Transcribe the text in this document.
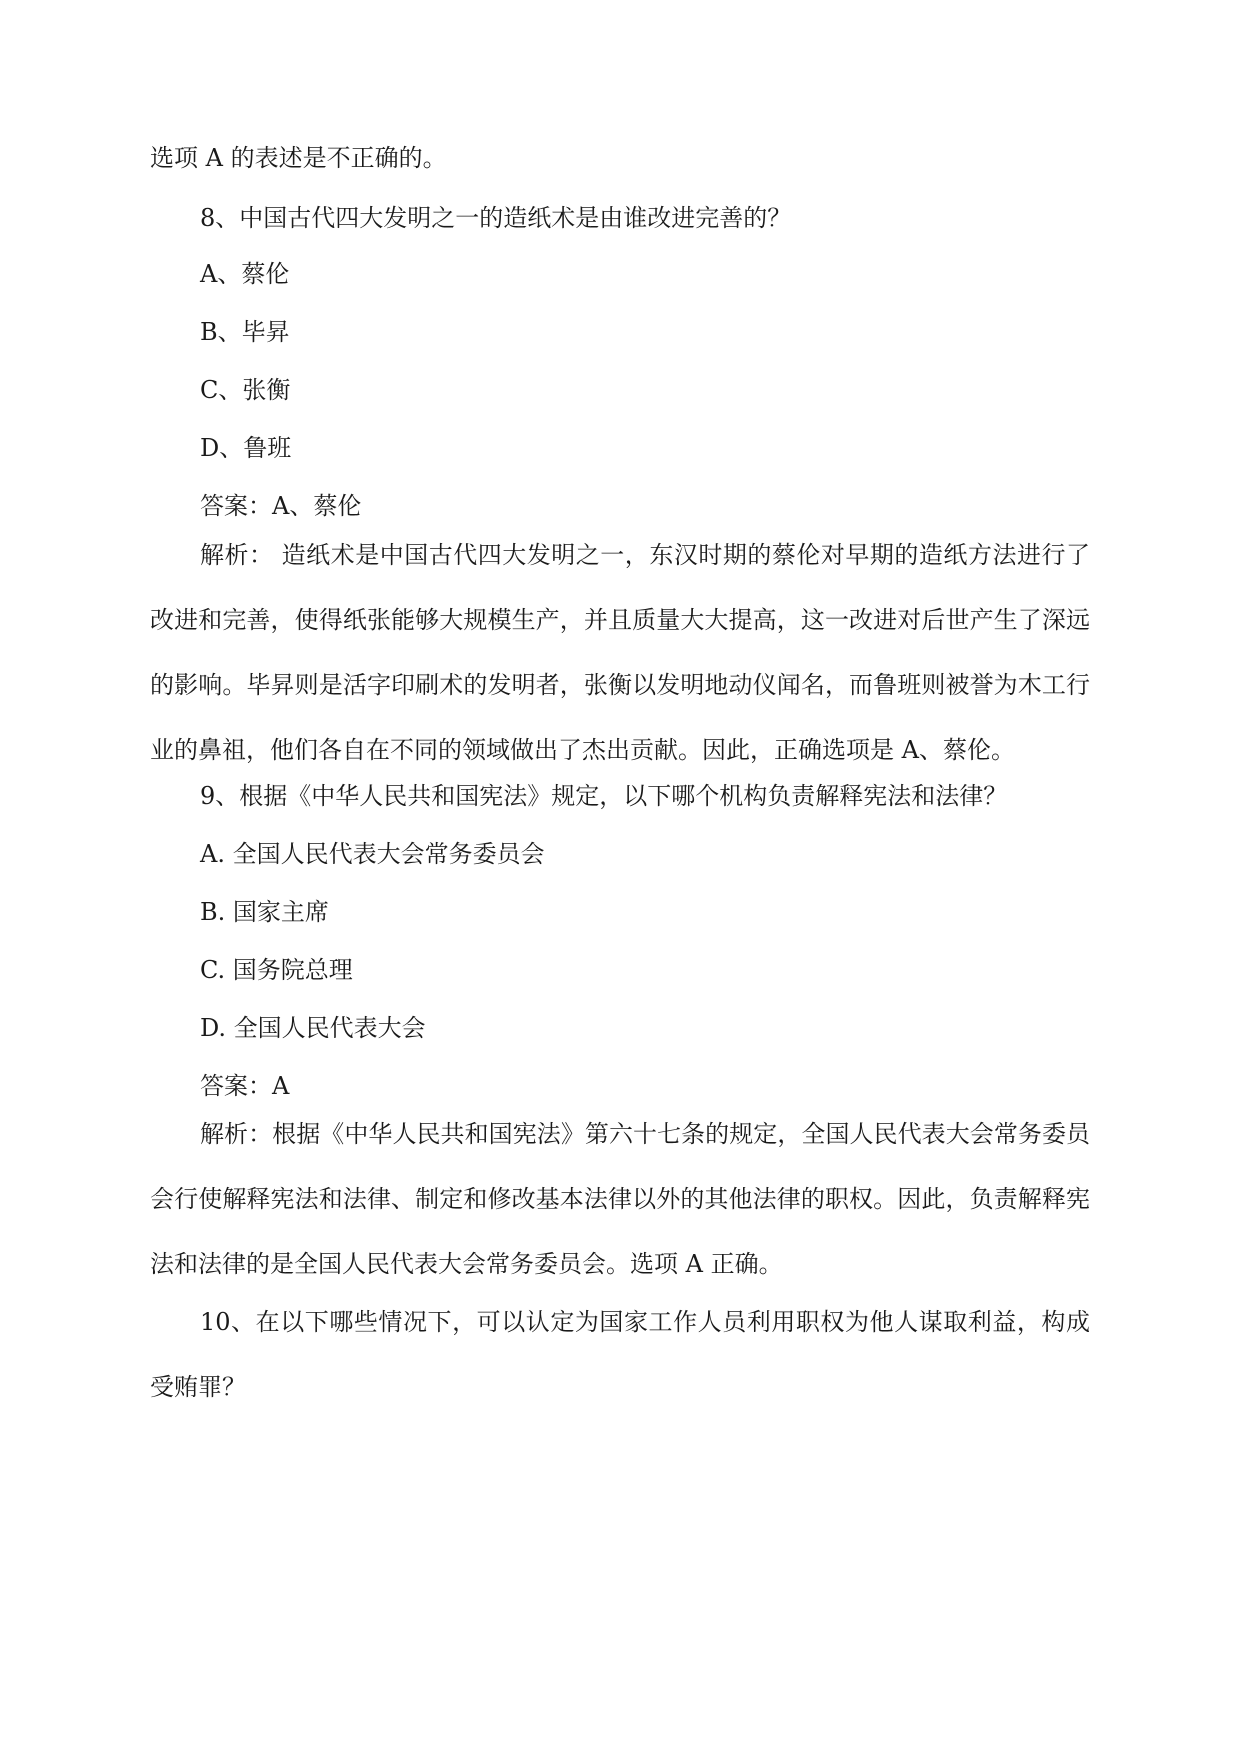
选项 A 的表述是不正确的。
8、中国古代四大发明之一的造纸术是由谁改进完善的？
A、蔡伦
B、毕昇
C、张衡
D、鲁班
答案：A、蔡伦
解析： 造纸术是中国古代四大发明之一，东汉时期的蔡伦对早期的造纸方法进行了改进和完善，使得纸张能够大规模生产，并且质量大大提高，这一改进对后世产生了深远的影响。毕昇则是活字印刷术的发明者，张衡以发明地动仪闻名，而鲁班则被誉为木工行业的鼻祖，他们各自在不同的领域做出了杰出贡献。因此，正确选项是 A、蔡伦。
9、根据《中华人民共和国宪法》规定，以下哪个机构负责解释宪法和法律？
A. 全国人民代表大会常务委员会
B. 国家主席
C. 国务院总理
D. 全国人民代表大会
答案：A
解析：根据《中华人民共和国宪法》第六十七条的规定，全国人民代表大会常务委员会行使解释宪法和法律、制定和修改基本法律以外的其他法律的职权。因此，负责解释宪法和法律的是全国人民代表大会常务委员会。选项 A 正确。
10、在以下哪些情况下，可以认定为国家工作人员利用职权为他人谋取利益，构成受贿罪？
